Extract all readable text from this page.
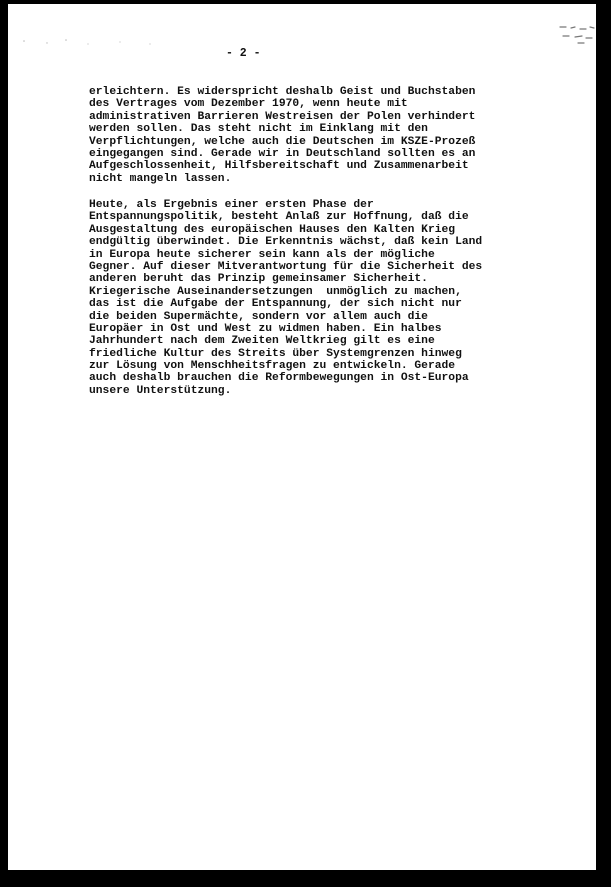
- 2 -
erleichtern. Es widerspricht deshalb Geist und Buchstaben
des Vertrages vom Dezember 1970, wenn heute mit
administrativen Barrieren Westreisen der Polen verhindert
werden sollen. Das steht nicht im Einklang mit den
Verpflichtungen, welche auch die Deutschen im KSZE-Prozeß
eingegangen sind. Gerade wir in Deutschland sollten es an
Aufgeschlossenheit, Hilfsbereitschaft und Zusammenarbeit
nicht mangeln lassen.
Heute, als Ergebnis einer ersten Phase der
Entspannungspolitik, besteht Anlaß zur Hoffnung, daß die
Ausgestaltung des europäischen Hauses den Kalten Krieg
endgültig überwindet. Die Erkenntnis wächst, daß kein Land
in Europa heute sicherer sein kann als der mögliche
Gegner. Auf dieser Mitverantwortung für die Sicherheit des
anderen beruht das Prinzip gemeinsamer Sicherheit.
Kriegerische Auseinandersetzungen  unmöglich zu machen,
das ist die Aufgabe der Entspannung, der sich nicht nur
die beiden Supermächte, sondern vor allem auch die
Europäer in Ost und West zu widmen haben. Ein halbes
Jahrhundert nach dem Zweiten Weltkrieg gilt es eine
friedliche Kultur des Streits über Systemgrenzen hinweg
zur Lösung von Menschheitsfragen zu entwickeln. Gerade
auch deshalb brauchen die Reformbewegungen in Ost-Europa
unsere Unterstützung.
